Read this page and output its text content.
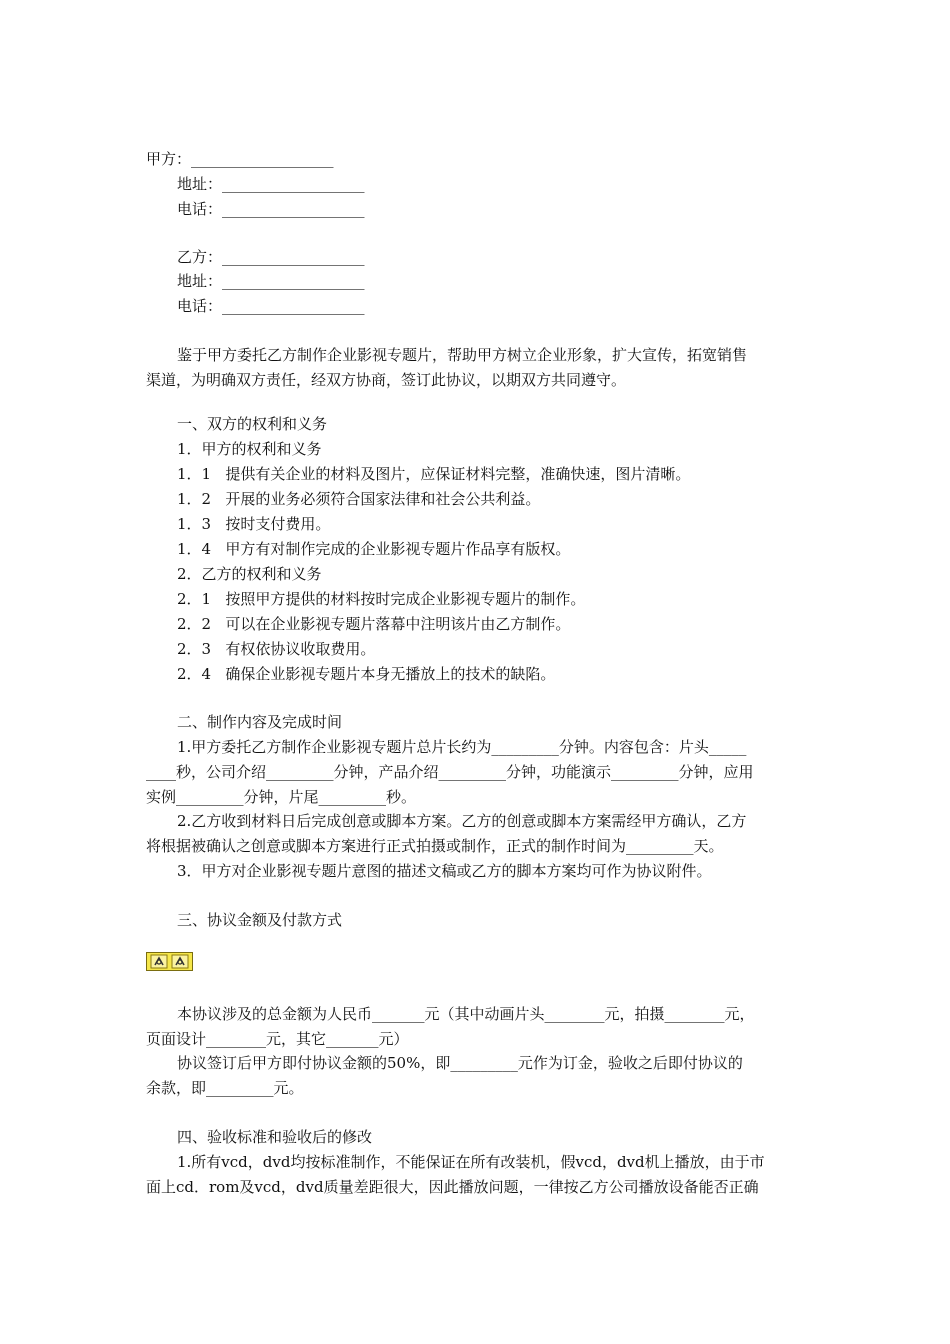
甲方：___________________
地址：___________________
电话：___________________
乙方：___________________
地址：___________________
电话：___________________
鉴于甲方委托乙方制作企业影视专题片，帮助甲方树立企业形象，扩大宣传，拓宽销售
渠道，为明确双方责任，经双方协商，签订此协议，以期双方共同遵守。
一、双方的权利和义务
1．甲方的权利和义务
1．1   提供有关企业的材料及图片，应保证材料完整，准确快速，图片清晰。
1．2   开展的业务必须符合国家法律和社会公共利益。
1．3   按时支付费用。
1．4   甲方有对制作完成的企业影视专题片作品享有版权。
2．乙方的权利和义务
2．1   按照甲方提供的材料按时完成企业影视专题片的制作。
2．2   可以在企业影视专题片落幕中注明该片由乙方制作。
2．3   有权依协议收取费用。
2．4   确保企业影视专题片本身无播放上的技术的缺陷。
二、制作内容及完成时间
1.甲方委托乙方制作企业影视专题片总片长约为_________分钟。内容包含：片头_____
____秒，公司介绍_________分钟，产品介绍_________分钟，功能演示_________分钟，应用
实例_________分钟，片尾_________秒。
2.乙方收到材料日后完成创意或脚本方案。乙方的创意或脚本方案需经甲方确认，乙方
将根据被确认之创意或脚本方案进行正式拍摄或制作，正式的制作时间为_________天。
3．甲方对企业影视专题片意图的描述文稿或乙方的脚本方案均可作为协议附件。
三、协议金额及付款方式
本协议涉及的总金额为人民币_______元（其中动画片头________元，拍摄________元，
页面设计________元，其它_______元）
协议签订后甲方即付协议金额的50%，即_________元作为订金，验收之后即付协议的
余款，即_________元。
四、验收标准和验收后的修改
1.所有vcd，dvd均按标准制作，不能保证在所有改装机，假vcd，dvd机上播放，由于市
面上cd．rom及vcd，dvd质量差距很大，因此播放问题，一律按乙方公司播放设备能否正确
